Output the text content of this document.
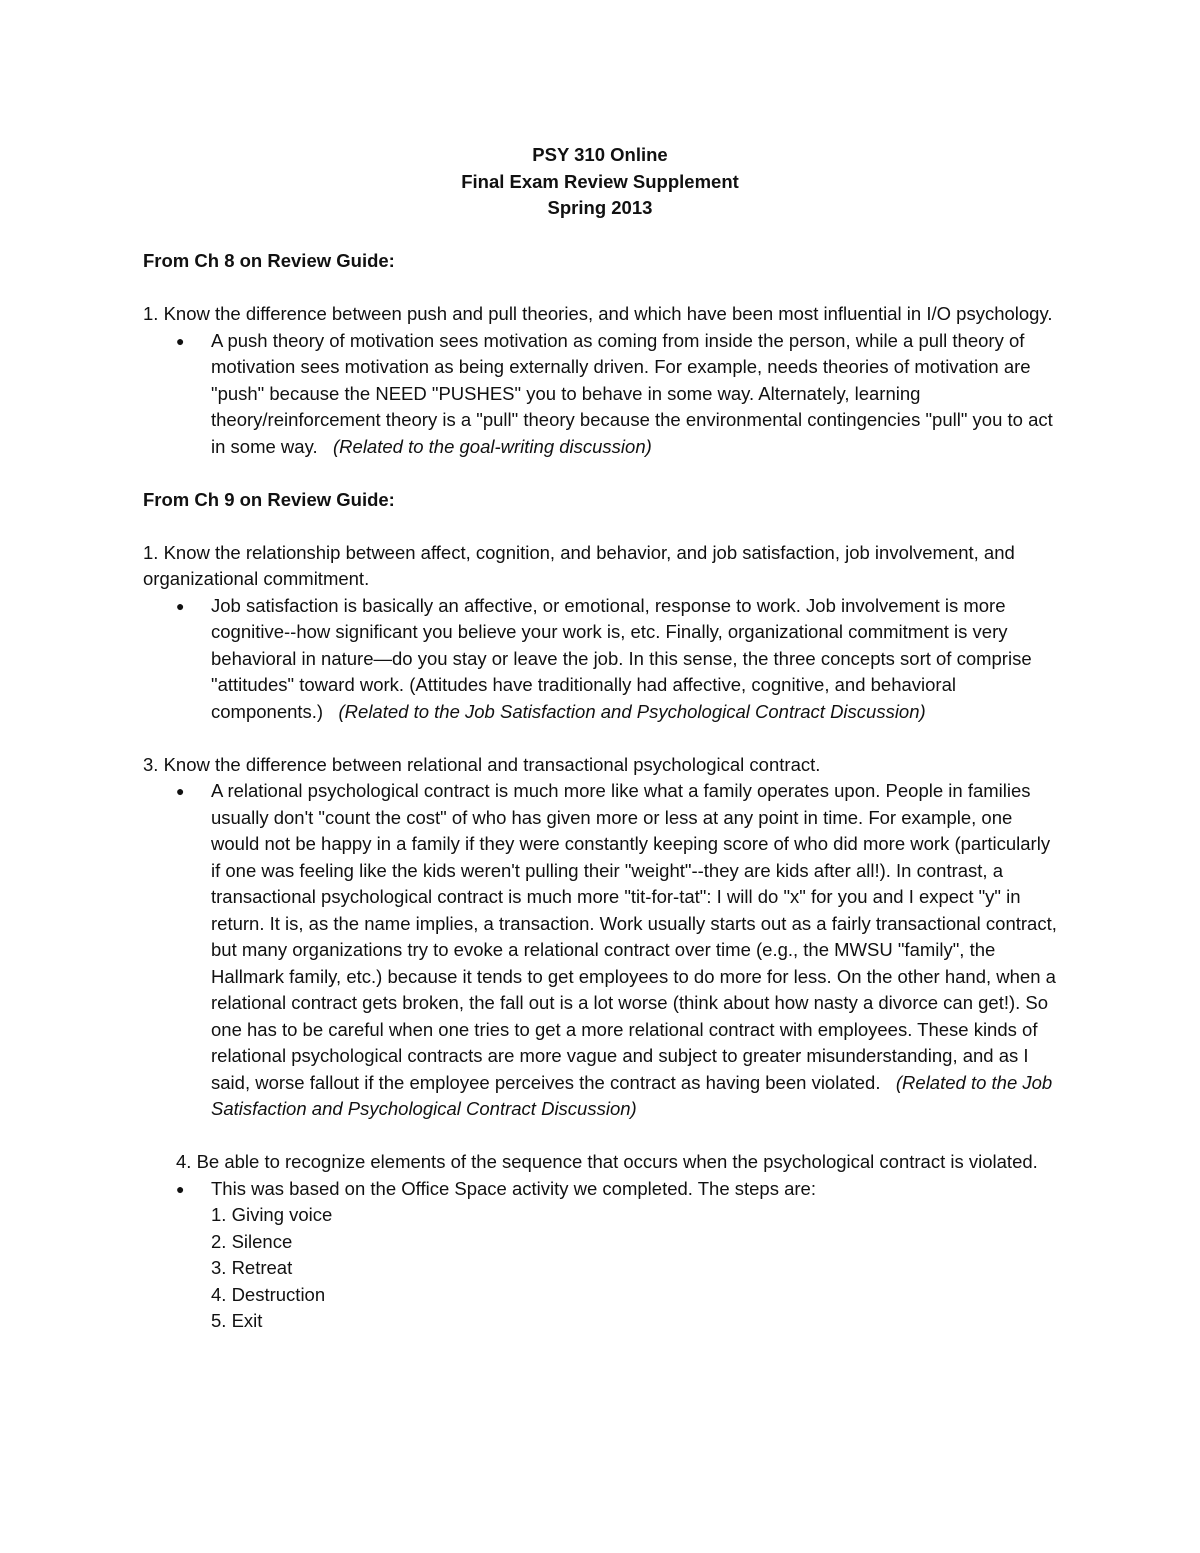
PSY 310 Online
Final Exam Review Supplement
Spring 2013

From Ch 8 on Review Guide:

1. Know the difference between push and pull theories, and which have been most influential in I/O psychology.

● A push theory of motivation sees motivation as coming from inside the person, while a pull theory of motivation sees motivation as being externally driven. For example, needs theories of motivation are "push" because the NEED "PUSHES" you to behave in some way. Alternately, learning theory/reinforcement theory is a "pull" theory because the environmental contingencies "pull" you to act in some way.   (Related to the goal-writing discussion)

From Ch 9 on Review Guide:

1. Know the relationship between affect, cognition, and behavior, and job satisfaction, job involvement, and organizational commitment.

● Job satisfaction is basically an affective, or emotional, response to work. Job involvement is more cognitive--how significant you believe your work is, etc. Finally, organizational commitment is very behavioral in nature—do you stay or leave the job. In this sense, the three concepts sort of comprise "attitudes" toward work. (Attitudes have traditionally had affective, cognitive, and behavioral components.)   (Related to the Job Satisfaction and Psychological Contract Discussion)

3. Know the difference between relational and transactional psychological contract.

● A relational psychological contract is much more like what a family operates upon. People in families usually don't "count the cost" of who has given more or less at any point in time. For example, one would not be happy in a family if they were constantly keeping score of who did more work (particularly if one was feeling like the kids weren't pulling their "weight"--they are kids after all!). In contrast, a transactional psychological contract is much more "tit-for-tat": I will do "x" for you and I expect "y" in return. It is, as the name implies, a transaction. Work usually starts out as a fairly transactional contract, but many organizations try to evoke a relational contract over time (e.g., the MWSU "family", the Hallmark family, etc.) because it tends to get employees to do more for less. On the other hand, when a relational contract gets broken, the fall out is a lot worse (think about how nasty a divorce can get!). So one has to be careful when one tries to get a more relational contract with employees. These kinds of relational psychological contracts are more vague and subject to greater misunderstanding, and as I said, worse fallout if the employee perceives the contract as having been violated.   (Related to the Job Satisfaction and Psychological Contract Discussion)

4. Be able to recognize elements of the sequence that occurs when the psychological contract is violated.

● This was based on the Office Space activity we completed. The steps are:
1. Giving voice
2. Silence
3. Retreat
4. Destruction
5. Exit
